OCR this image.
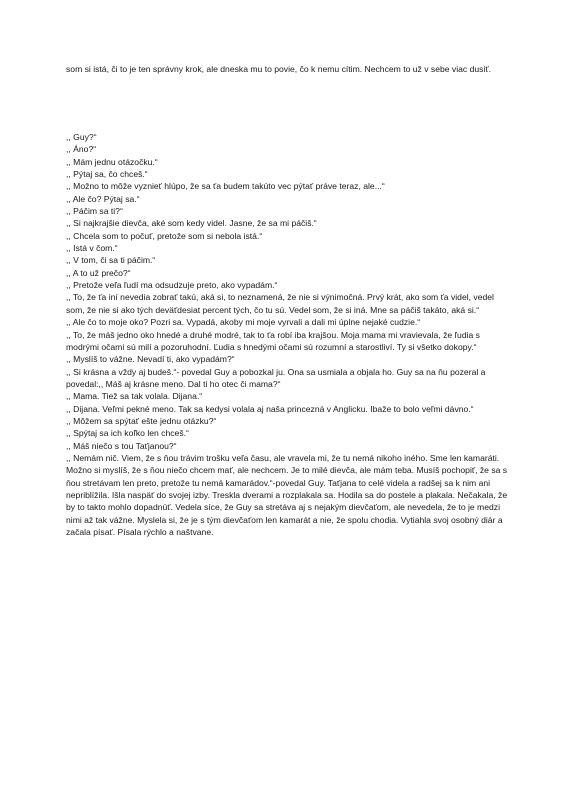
som si istá, či to je ten správny krok, ale dneska mu to povie, čo k nemu cítim. Nechcem to už v sebe viac dusiť.

,, Guy?“

,, Áno?“

,, Mám jednu otázočku.“

,, Pýtaj sa, čo chceš.“

,, Možno to môže vyznieť hlúpo, že sa ťa budem takúto vec pýtať práve teraz, ale...“

,, Ale čo? Pýtaj sa.“

,, Páčim sa ti?“

,, Si najkrajšie dievča, aké som kedy videl. Jasne, že sa mi páčiš.“

,, Chcela som to počuť, pretože som si nebola istá.“

,, Istá v čom.“

,, V tom, či sa ti páčim.“

,, A to už prečo?“

,, Pretože veľa ľudí ma odsudzuje preto, ako vypadám.“

,, To, že ťa iní nevedia zobrať takú, aká si, to neznamená, že nie si výnimočná. Prvý krát, ako som ťa videl, vedel som, že nie si ako tých deväťdesiat percent tých, čo tu sú. Vedel som, že si iná. Mne sa páčiš takáto, aká si.“

,, Ale čo to moje oko? Pozri sa. Vypadá, akoby mi moje vyrvali a dali mi úplne nejaké cudzie.“

,, To, že máš jedno oko hnedé a druhé modré, tak to ťa robí iba krajšou. Moja mama mi vravievala, že ľudia s modrými očami sú milí a pozoruhodní. Ľudia s hnedými očami sú rozumní a starostliví. Ty si všetko dokopy.“

,, Myslíš to vážne. Nevadí ti, ako vypadám?“

,, Si krásna a vždy aj budeš.“- povedal Guy a pobozkal ju. Ona sa usmiala a objala ho. Guy sa na ňu pozeral a povedal:,, Máš aj krásne meno. Dal ti ho otec či mama?“

,, Mama. Tiež sa tak volala. Dijana.“

,, Dijana. Veľmi pekné meno. Tak sa kedysi volala aj naša princezná v Anglicku. Ibaže to bolo veľmi dávno.“

,, Môžem sa spýtať ešte jednu otázku?“

,, Spýtaj sa ich koľko len chceš.“

,, Máš niečo s tou Taťjanou?“

,, Nemám nič. Viem, že s ňou trávim trošku veľa času, ale vravela mi, že tu nemá nikoho iného. Sme len kamaráti. Možno si myslíš, že s ňou niečo chcem mať, ale nechcem. Je to milé dievča, ale mám teba. Musíš pochopiť, že sa s ňou stretávam len preto, pretože tu nemá kamarádov.“-povedal Guy. Taťjana to celé videla a radšej sa k nim ani nepriblížila. Išla naspäť do svojej izby. Treskla dverami a rozplakala sa. Hodila sa do postele a plakala. Nečakala, že by to takto mohlo dopadnúť. Vedela síce, že Guy sa stretáva aj s nejakým dievčaťom, ale nevedela, že to je medzi nimi až tak vážne. Myslela si, že je s tým dievčaťom len kamarát a nie, že spolu chodia. Vytiahla svoj osobný diár a začala písať. Písala rýchlo a naštvane.
